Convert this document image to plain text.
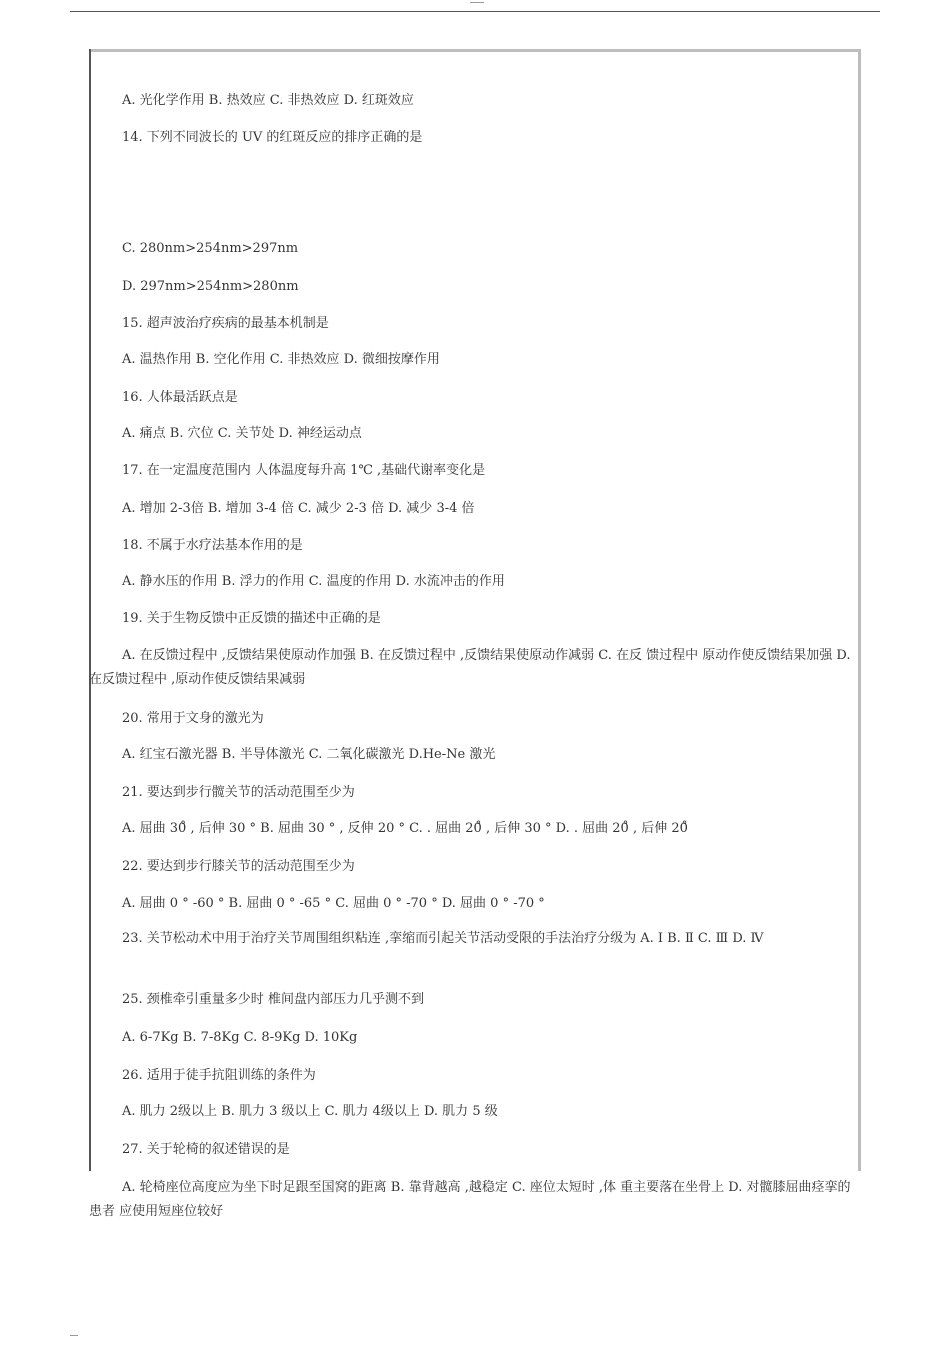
A. 光化学作用 B. 热效应 C. 非热效应 D. 红斑效应
14. 下列不同波长的 UV 的红斑反应的排序正确的是
C. 280nm>254nm>297nm
D. 297nm>254nm>280nm
15. 超声波治疗疾病的最基本机制是
A. 温热作用 B. 空化作用 C. 非热效应 D. 微细按摩作用
16. 人体最活跃点是
A. 痛点 B. 穴位 C. 关节处 D. 神经运动点
17. 在一定温度范围内 人体温度每升高 1℃ ,基础代谢率变化是
A. 增加 2-3倍 B. 增加 3-4 倍 C. 减少 2-3 倍 D. 减少 3-4 倍
18. 不属于水疗法基本作用的是
A. 静水压的作用 B. 浮力的作用 C. 温度的作用 D. 水流冲击的作用
19. 关于生物反馈中正反馈的描述中正确的是
20. 常用于文身的激光为
A. 红宝石激光器 B. 半导体激光 C. 二氧化碳激光 D.He-Ne 激光
21. 要达到步行髋关节的活动范围至少为
A. 屈曲 30̊ , 后伸 30 ° B. 屈曲 30 ° , 反伸 20 ° C. . 屈曲 20̊ , 后伸 30 ° D. . 屈曲 20̊ , 后伸 20̊
22. 要达到步行膝关节的活动范围至少为
A. 屈曲 0 ° -60 ° B. 屈曲 0 ° -65 ° C. 屈曲 0 ° -70 ° D. 屈曲 0 ° -70 °
25. 颈椎牵引重量多少时 椎间盘内部压力几乎测不到
A. 6-7Kg B. 7-8Kg C. 8-9Kg D. 10Kg
26. 适用于徒手抗阻训练的条件为
A. 肌力 2级以上 B. 肌力 3 级以上 C. 肌力 4级以上 D. 肌力 5 级
27. 关于轮椅的叙述错误的是
A. 在反馈过程中 ,反馈结果使原动作加强 B. 在反馈过程中 ,反馈结果使原动作减弱 C. 在反 馈过程中 原动作使反馈结果加强 D. 在反馈过程中 ,原动作使反馈结果减弱
23. 关节松动术中用于治疗关节周围组织粘连 ,挛缩而引起关节活动受限的手法治疗分级为 A. Ⅰ B. Ⅱ C. Ⅲ D. Ⅳ
A. 轮椅座位高度应为坐下时足跟至国窝的距离 B. 靠背越高 ,越稳定 C. 座位太短时 ,体 重主要落在坐骨上 D. 对髋膝屈曲痉挛的患者 应使用短座位较好
